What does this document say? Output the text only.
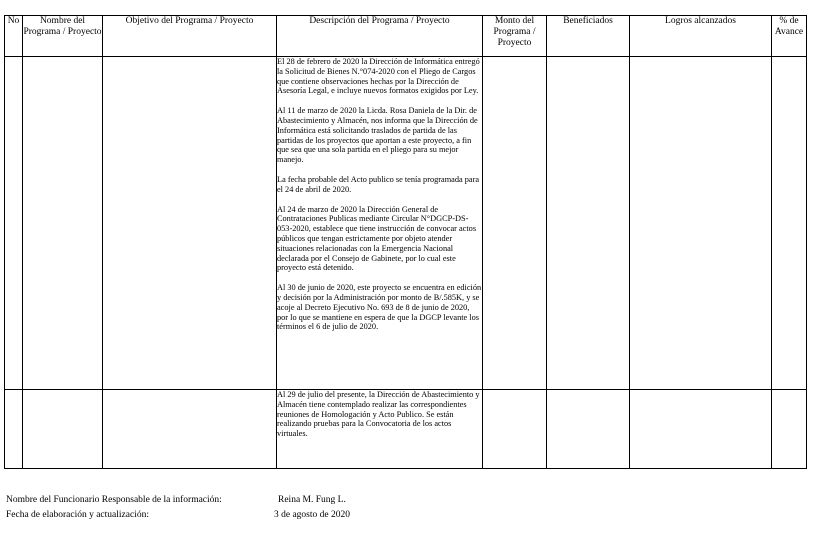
No	Nombre del Programa / Proyecto	Objetivo del Programa / Proyecto	Descripción del Programa / Proyecto	Monto del Programa / Proyecto	Beneficiados	Logros alcanzados	% de Avance

			El 28 de febrero de 2020 la Dirección de Informática entregó la Solicitud de Bienes N.°074-2020 con el Pliego de Cargos que contiene observaciones hechas por la Dirección de Asesoría Legal, e incluye nuevos formatos exigidos por Ley.

Al 11 de marzo de 2020 la Licda. Rosa Daniela de la Dir. de Abastecimiento y Almacén, nos informa que la Dirección de Informática está solicitando traslados de partida de las partidas de los proyectos que aportan a este proyecto, a fin que sea que una sola partida en el pliego para su mejor manejo.

La fecha probable del Acto publico se tenía programada para el 24 de abril de 2020.

Al 24 de marzo de 2020 la Dirección General de Contrataciones Publicas mediante Circular N°DGCP-DS-053-2020, establece que tiene instrucción de convocar actos públicos que tengan estrictamente por objeto atender situaciones relacionadas con la Emergencia Nacional declarada por el Consejo de Gabinete, por lo cual este proyecto está detenido.

Al 30 de junio de 2020, este proyecto se encuentra en edición y decisión por la Administración por monto de B/.585K, y se acoje al Decreto Ejecutivo No. 693 de 8 de junio de 2020, por lo que se mantiene en espera de que la DGCP levante los términos el 6 de julio de 2020.				

			Al 29 de julio del presente, la Dirección de Abastecimiento y Almacén tiene contemplado realizar las correspondientes reuniones de Homologación y Acto Publico. Se están realizando pruebas para la Convocatoria de los actos virtuales.				

Nombre del Funcionario Responsable de la información:	Reina M. Fung L.
Fecha de elaboración y actualización:	3 de agosto de 2020
